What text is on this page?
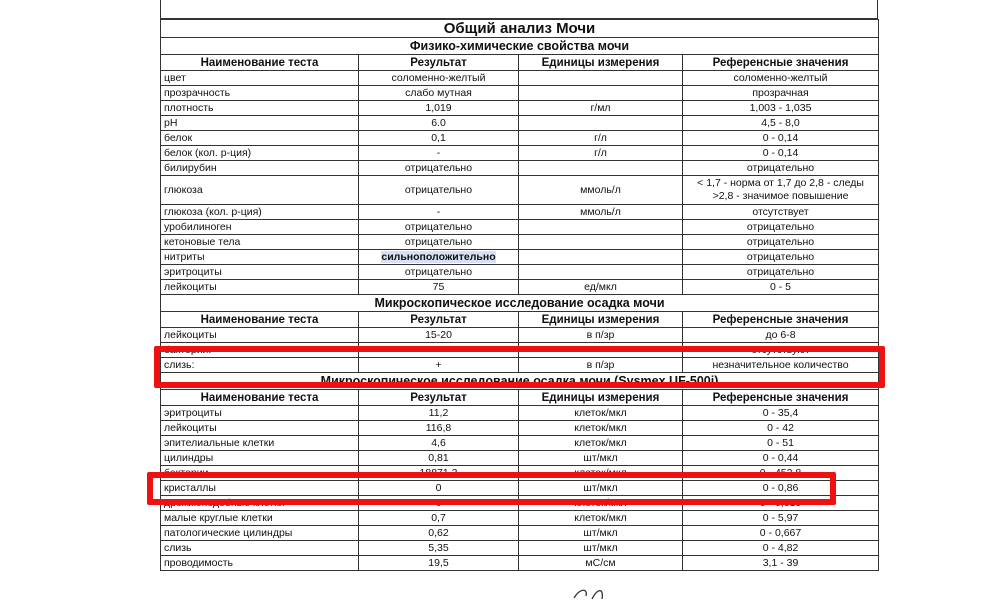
Общий анализ Мочи			
Физико-химические свойства мочи			
Наименование теста	Результат	Единицы измерения	Референсные значения
цвет	соломенно-желтый		соломенно-желтый
прозрачность	слабо мутная		прозрачная
плотность	1,019	г/мл	1,003 - 1,035
pH	6.0		4,5 - 8,0
белок	0,1	г/л	0 - 0,14
белок (кол. р-ция)	-	г/л	0 - 0,14
билирубин	отрицательно		отрицательно
глюкоза	отрицательно	ммоль/л	< 1,7 - норма от 1,7 до 2,8 - следы >2,8 - значимое повышение
глюкоза (кол. р-ция)	-	ммоль/л	отсутствует
уробилиноген	отрицательно		отрицательно
кетоновые тела	отрицательно		отрицательно
нитриты	сильноположительно		отрицательно
эритроциты	отрицательно		отрицательно
лейкоциты	75	ед/мкл	0 - 5
Микроскопическое исследование осадка мочи			
Наименование теста	Результат	Единицы измерения	Референсные значения
лейкоциты	15-20	в п/зр	до 6-8
бактерии:	++++		отсутствуют
слизь:	+	в п/зр	незначительное количество
Микроскопическое исследование осадка мочи (Sysmex UF-500i)			
Наименование теста	Результат	Единицы измерения	Референсные значения
эритроциты	11,2	клеток/мкл	0 - 35,4
лейкоциты	116,8	клеток/мкл	0 - 42
эпителиальные клетки	4,6	клеток/мкл	0 - 51
цилиндры	0,81	шт/мкл	0 - 0,44
бактерии	18871,3	клеток/мкл	0 - 452,8
кристаллы	0	шт/мкл	0 - 0,86
дрожжеподобные клетки	0	клеток/мкл	0 - 0,019
малые круглые клетки	0,7	клеток/мкл	0 - 5,97
патологические цилиндры	0,62	шт/мкл	0 - 0,667
слизь	5,35	шт/мкл	0 - 4,82
проводимость	19,5	мС/см	3,1 - 39
